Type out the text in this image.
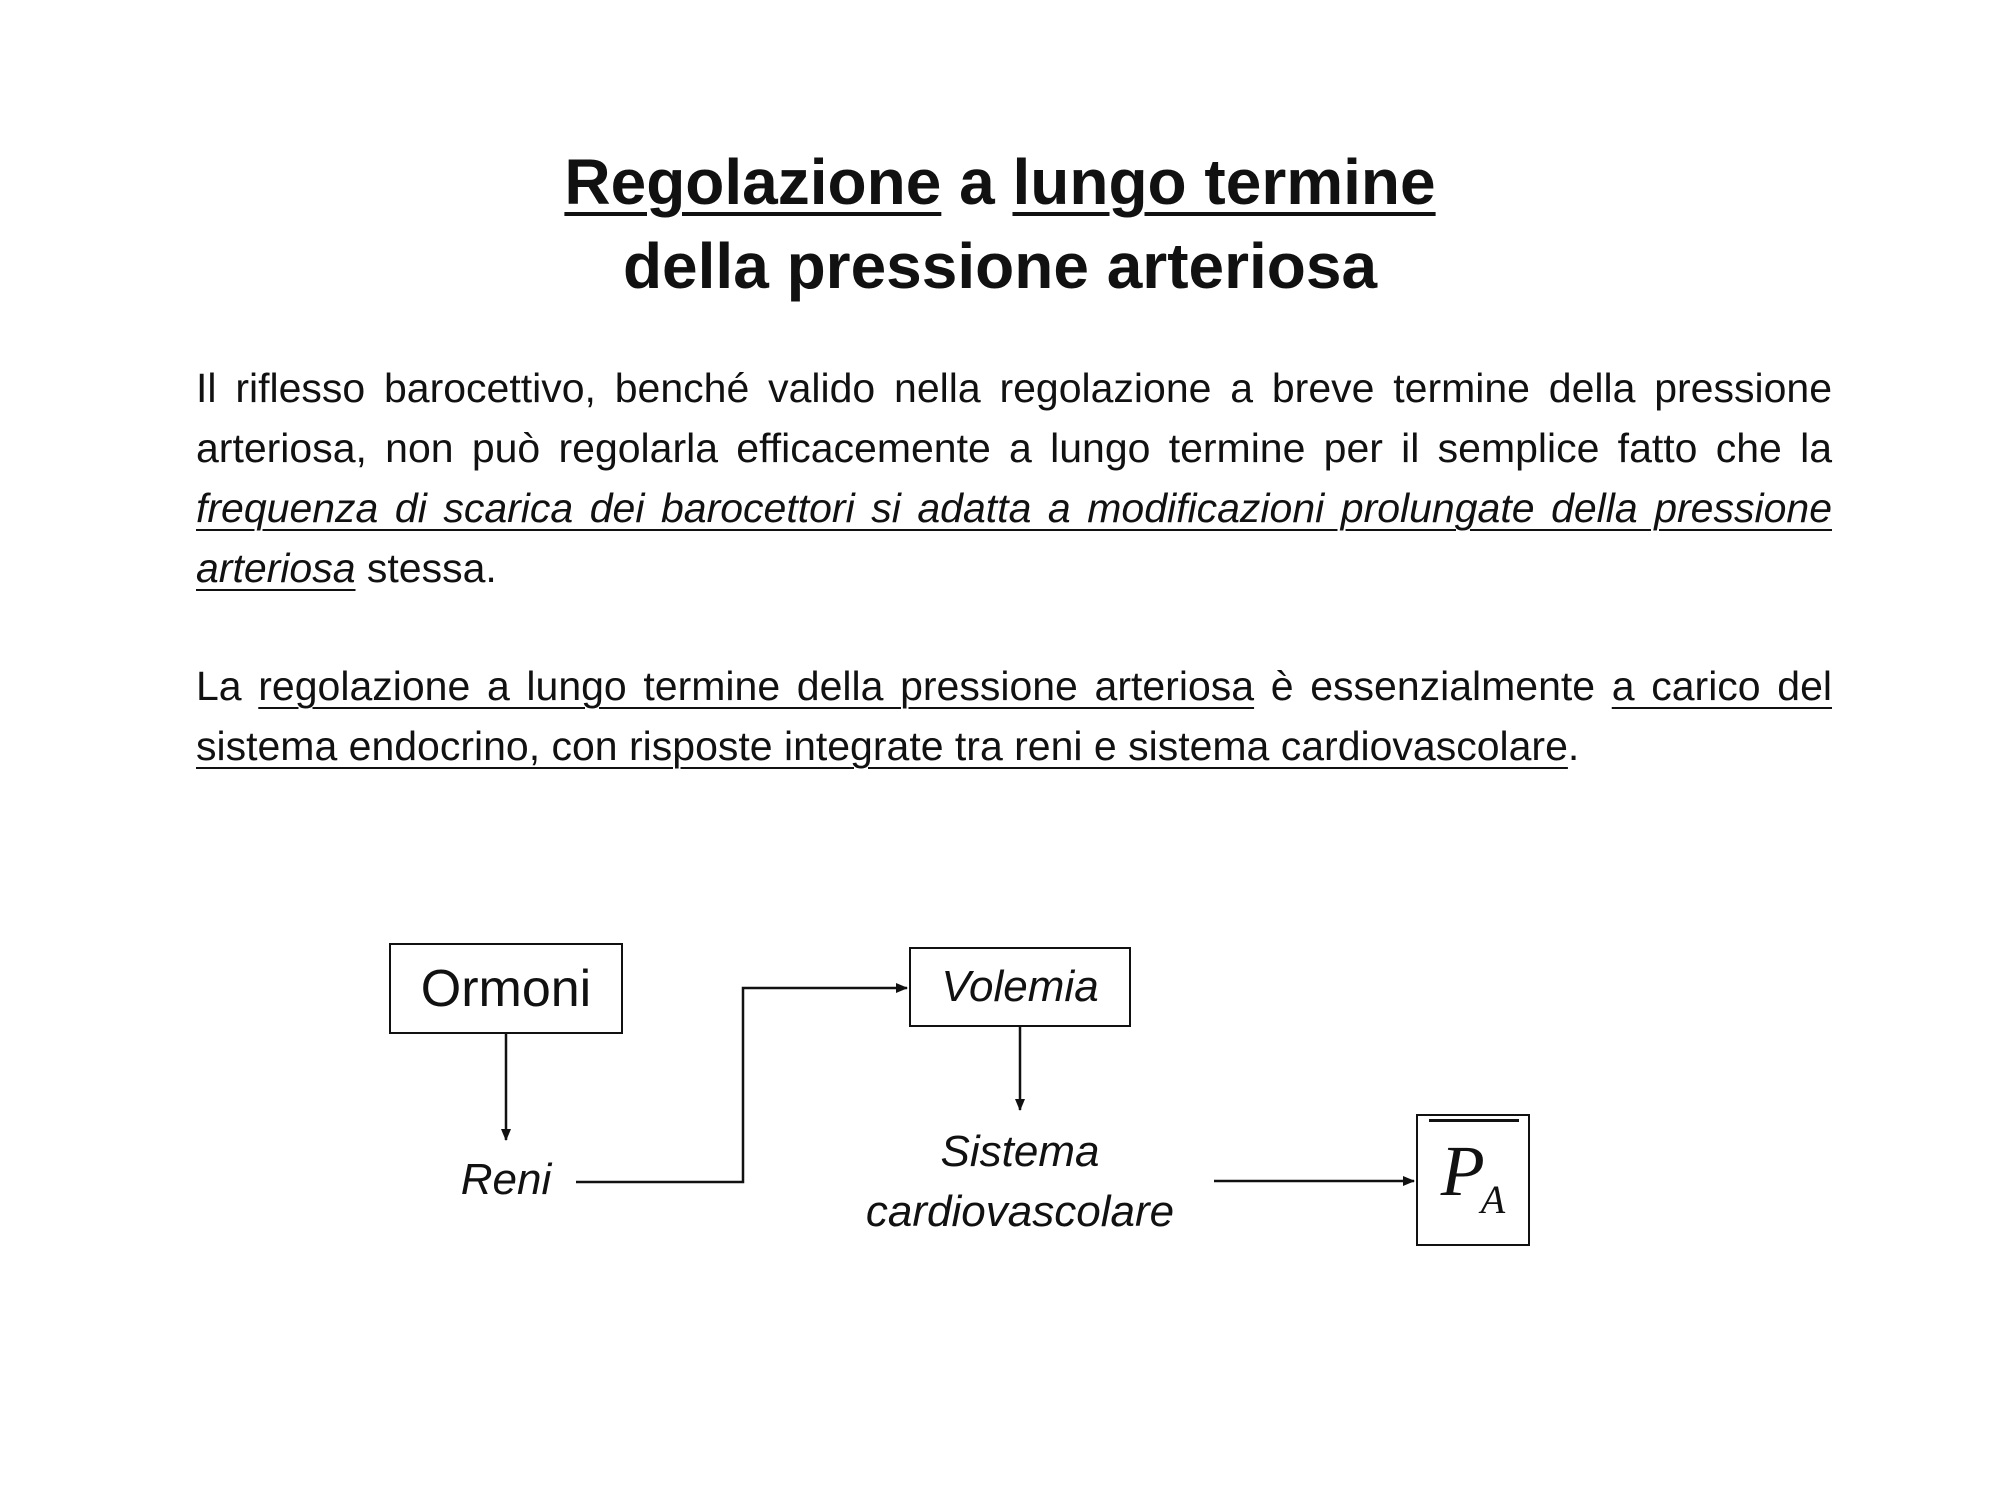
Regolazione a lungo termine
della pressione arteriosa

Il riflesso barocettivo, benché valido nella regolazione a breve termine della pressione arteriosa, non può regolarla efficacemente a lungo termine per il semplice fatto che la frequenza di scarica dei barocettori si adatta a modificazioni prolungate della pressione arteriosa stessa.

La regolazione a lungo termine della pressione arteriosa è essenzialmente a carico del sistema endocrino, con risposte integrate tra reni e sistema cardiovascolare.

Ormoni
Reni
Volemia
Sistema
cardiovascolare
$P_A$
